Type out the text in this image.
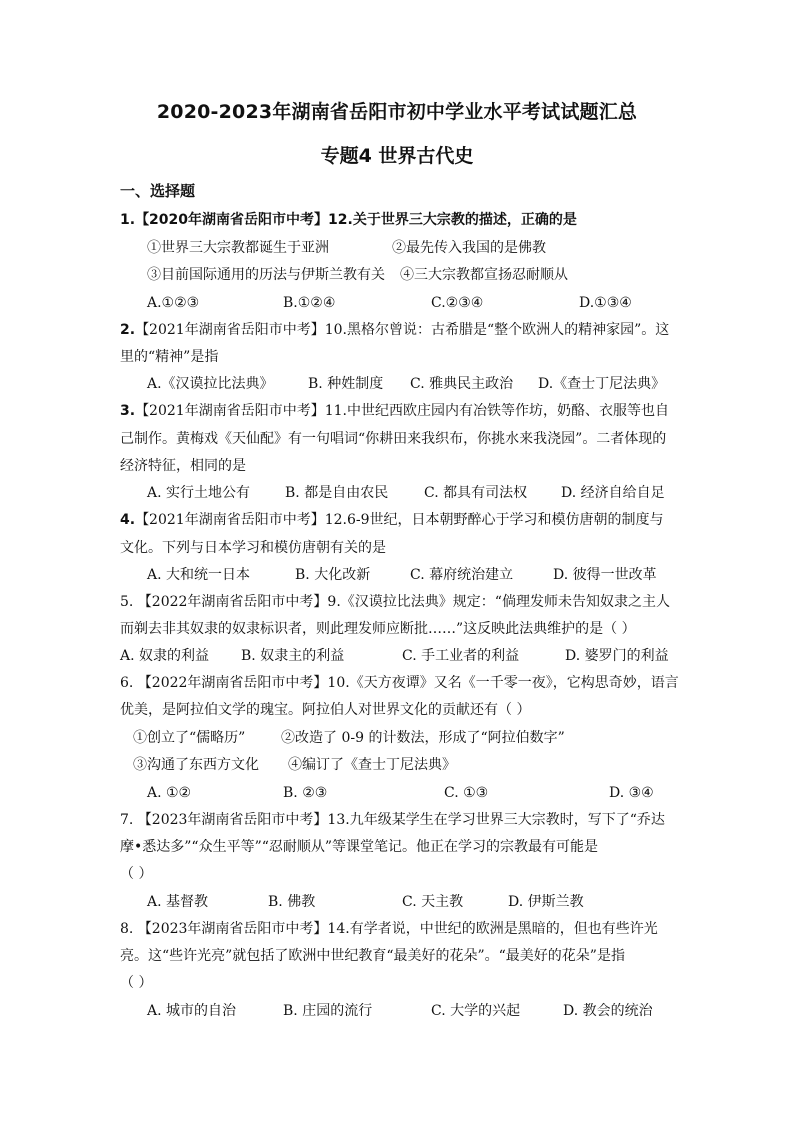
2020-2023年湖南省岳阳市初中学业水平考试试题汇总
专题4 世界古代史
一、选择题
1.【2020年湖南省岳阳市中考】12.关于世界三大宗教的描述，正确的是
①世界三大宗教都诞生于亚洲	②最先传入我国的是佛教
③目前国际通用的历法与伊斯兰教有关 ④三大宗教都宣扬忍耐顺从
A.①②③	B.①②④	C.②③④	D.①③④
2.【2021年湖南省岳阳市中考】10.黑格尔曾说：古希腊是“整个欧洲人的精神家园”。这
里的“精神”是指
A.《汉谟拉比法典》 B. 种姓制度 C. 雅典民主政治 D.《查士丁尼法典》
3.【2021年湖南省岳阳市中考】11.中世纪西欧庄园内有冶铁等作坊，奶酪、衣服等也自
己制作。黄梅戏《天仙配》有一句唱词“你耕田来我织布，你挑水来我浇园”。二者体现的
经济特征，相同的是
A. 实行土地公有 B. 都是自由农民	C. 都具有司法权 D. 经济自给自足
4.【2021年湖南省岳阳市中考】12.6-9世纪，日本朝野醉心于学习和模仿唐朝的制度与
文化。下列与日本学习和模仿唐朝有关的是
A. 大和统一日本	B. 大化改新	C. 幕府统治建立	D. 彼得一世改革
5. 【2022年湖南省岳阳市中考】9.《汉谟拉比法典》规定：“倘理发师未告知奴隶之主人
而剃去非其奴隶的奴隶标识者，则此理发师应断批……”这反映此法典维护的是（ ）
A. 奴隶的利益 B. 奴隶主的利益	C. 手工业者的利益	D. 婆罗门的利益
6. 【2022年湖南省岳阳市中考】10.《天方夜谭》又名《一千零一夜》，它构思奇妙，语言
优美，是阿拉伯文学的瑰宝。阿拉伯人对世界文化的贡献还有（ ）
①创立了“儒略历”	②改造了 0-9 的计数法，形成了“阿拉伯数字”
③沟通了东西方文化 ④编订了《查士丁尼法典》
A. ①②	B. ②③	C. ①③	D. ③④
7. 【2023年湖南省岳阳市中考】13.九年级某学生在学习世界三大宗教时，写下了“乔达
摩•悉达多”“众生平等”“忍耐顺从”等课堂笔记。他正在学习的宗教最有可能是
（ ）
A. 基督教	B. 佛教	C. 天主教	D. 伊斯兰教
8. 【2023年湖南省岳阳市中考】14.有学者说，中世纪的欧洲是黑暗的，但也有些许光
亮。这“些许光亮”就包括了欧洲中世纪教育“最美好的花朵”。“最美好的花朵”是指
（ ）
A. 城市的自治	B. 庄园的流行	C. 大学的兴起	D. 教会的统治
